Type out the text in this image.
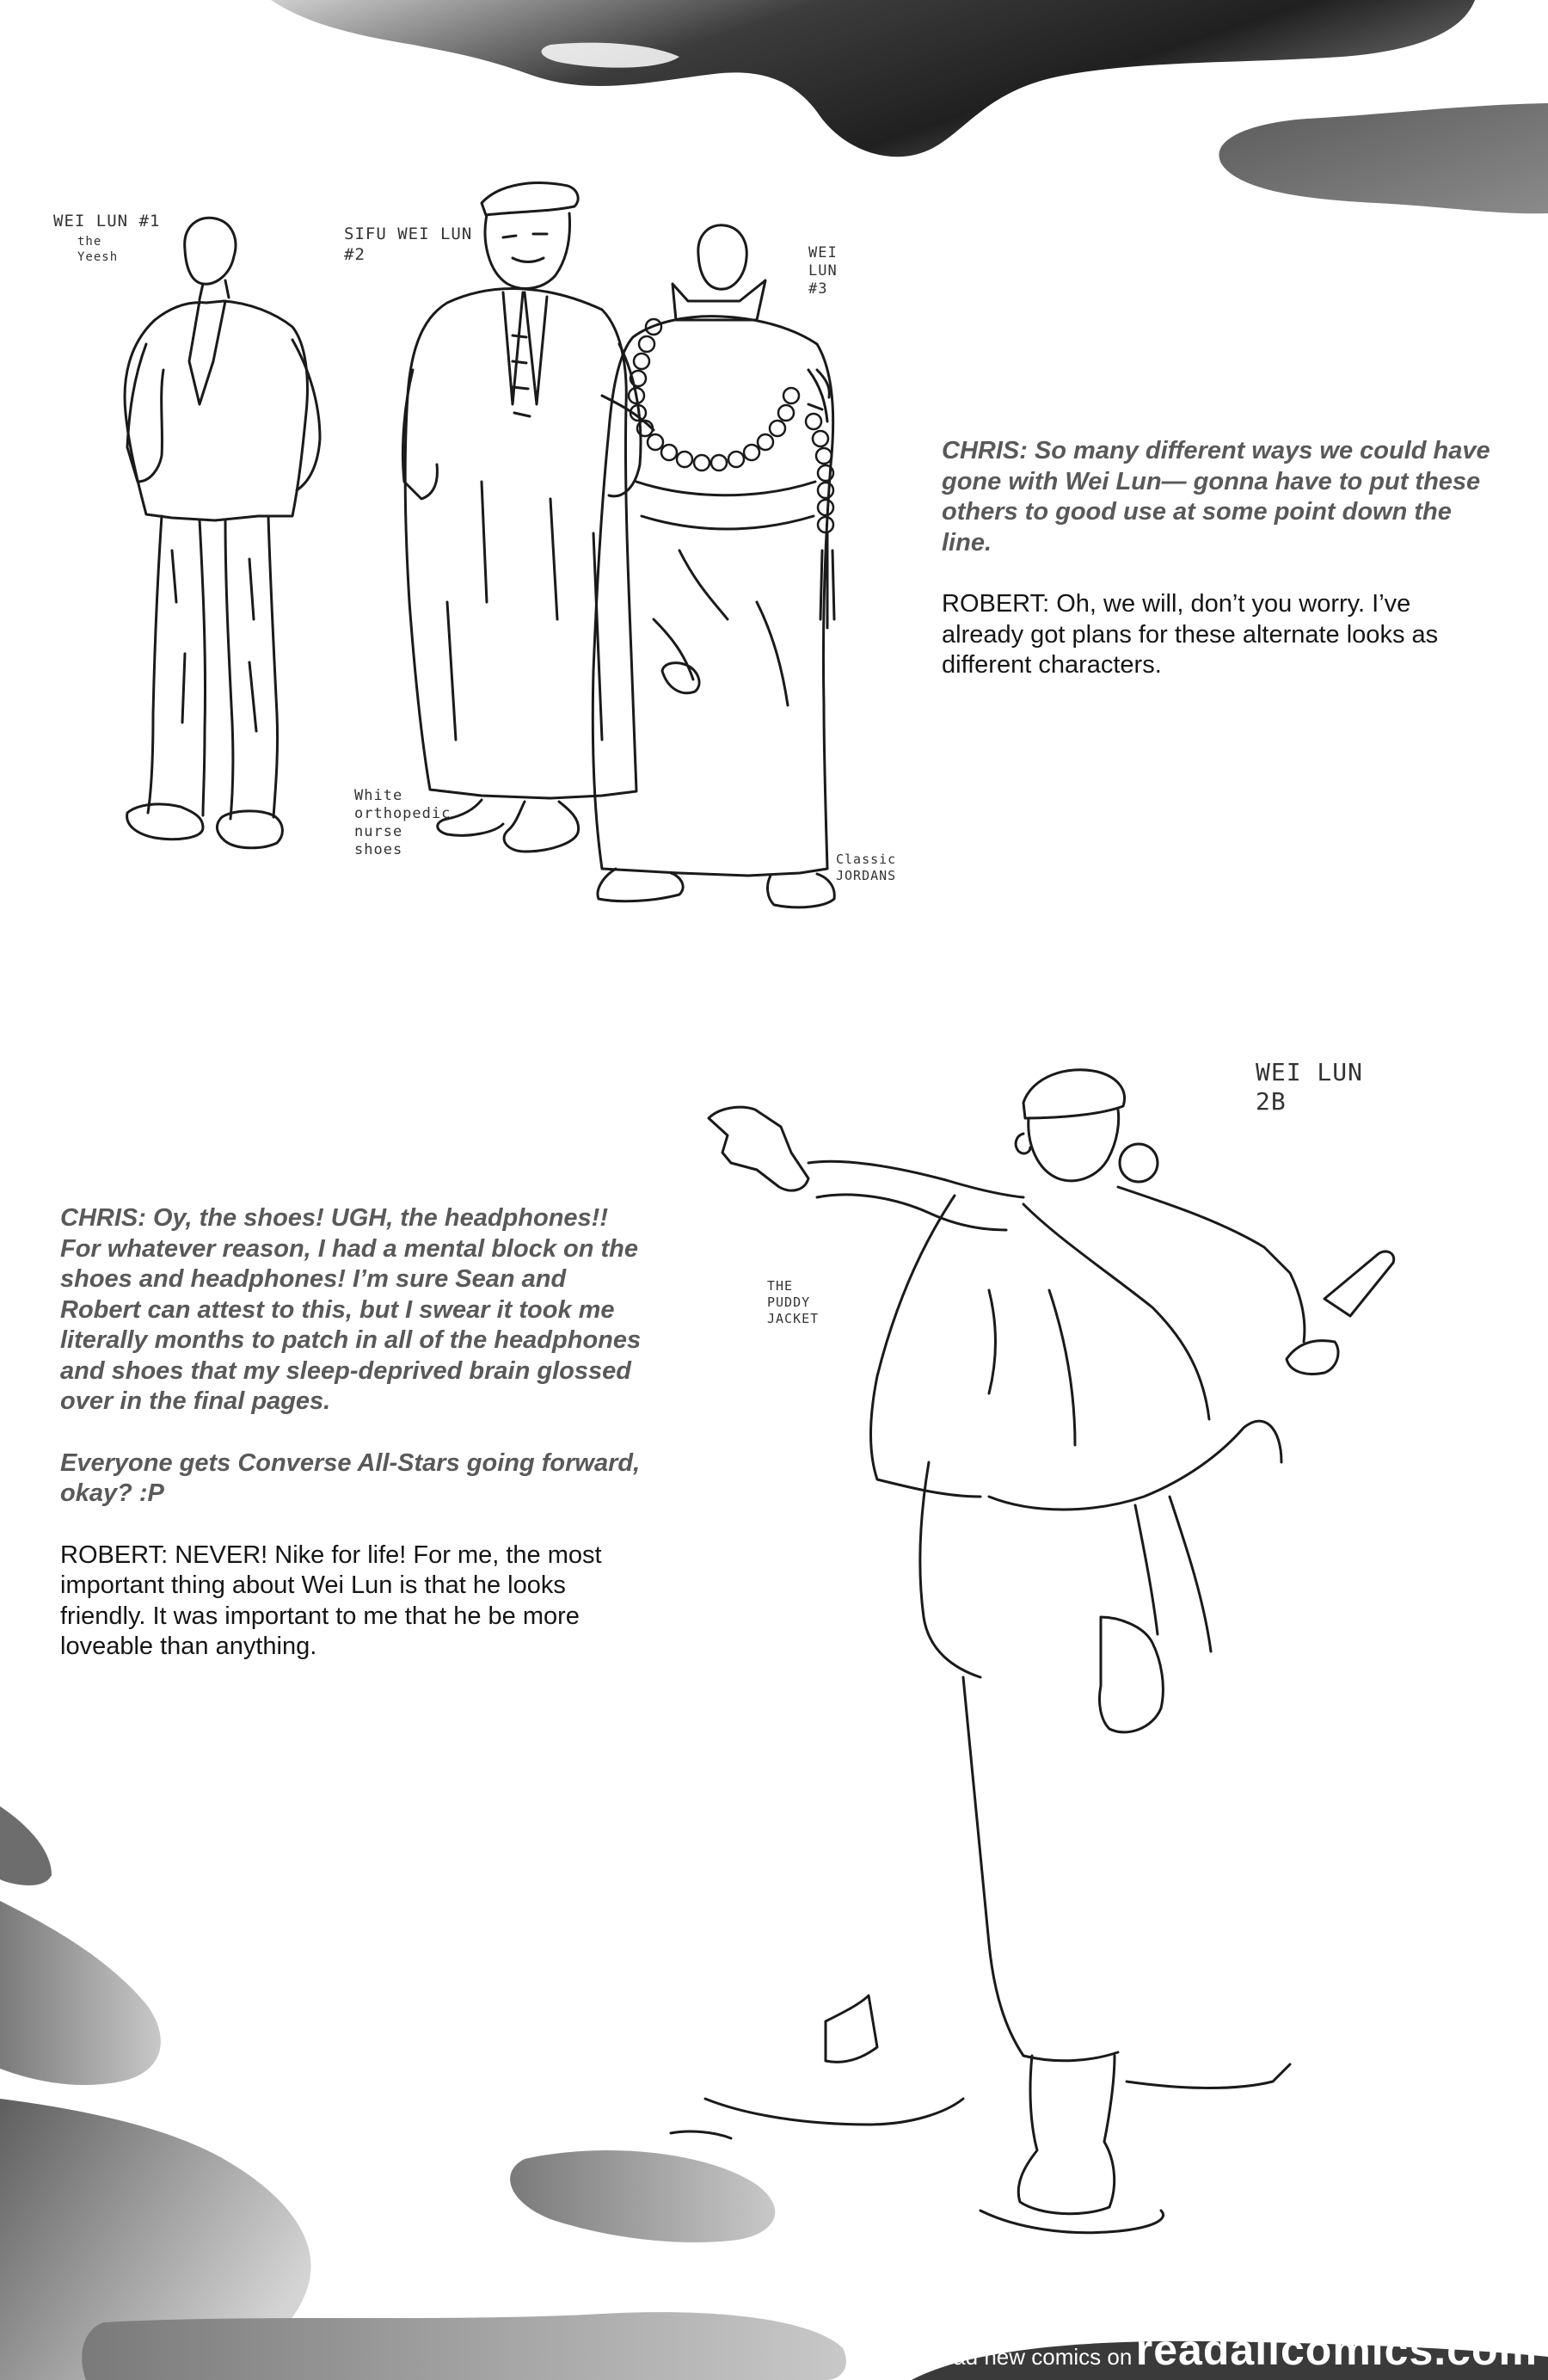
WEI LUN #1
the
Yeesh
SIFU WEI LUN
#2	WEI
LUN
#3
White
orthopedic
nurse
shoes
Classic
JORDANS
WEI LUN
2B
THE
PUDDY
JACKET

CHRIS: So many different ways we could have gone with Wei Lun— gonna have to put these others to good use at some point down the line.

ROBERT: Oh, we will, don’t you worry. I’ve already got plans for these alternate looks as different characters.

CHRIS: Oy, the shoes! UGH, the headphones!! For whatever reason, I had a mental block on the shoes and headphones! I’m sure Sean and Robert can attest to this, but I swear it took me literally months to patch in all of the headphones and shoes that my sleep-deprived brain glossed over in the final pages.

Everyone gets Converse All-Stars going forward, okay? :P

ROBERT: NEVER! Nike for life! For me, the most important thing about Wei Lun is that he looks friendly. It was important to me that he be more loveable than anything.

read new comics on readallcomics.com
